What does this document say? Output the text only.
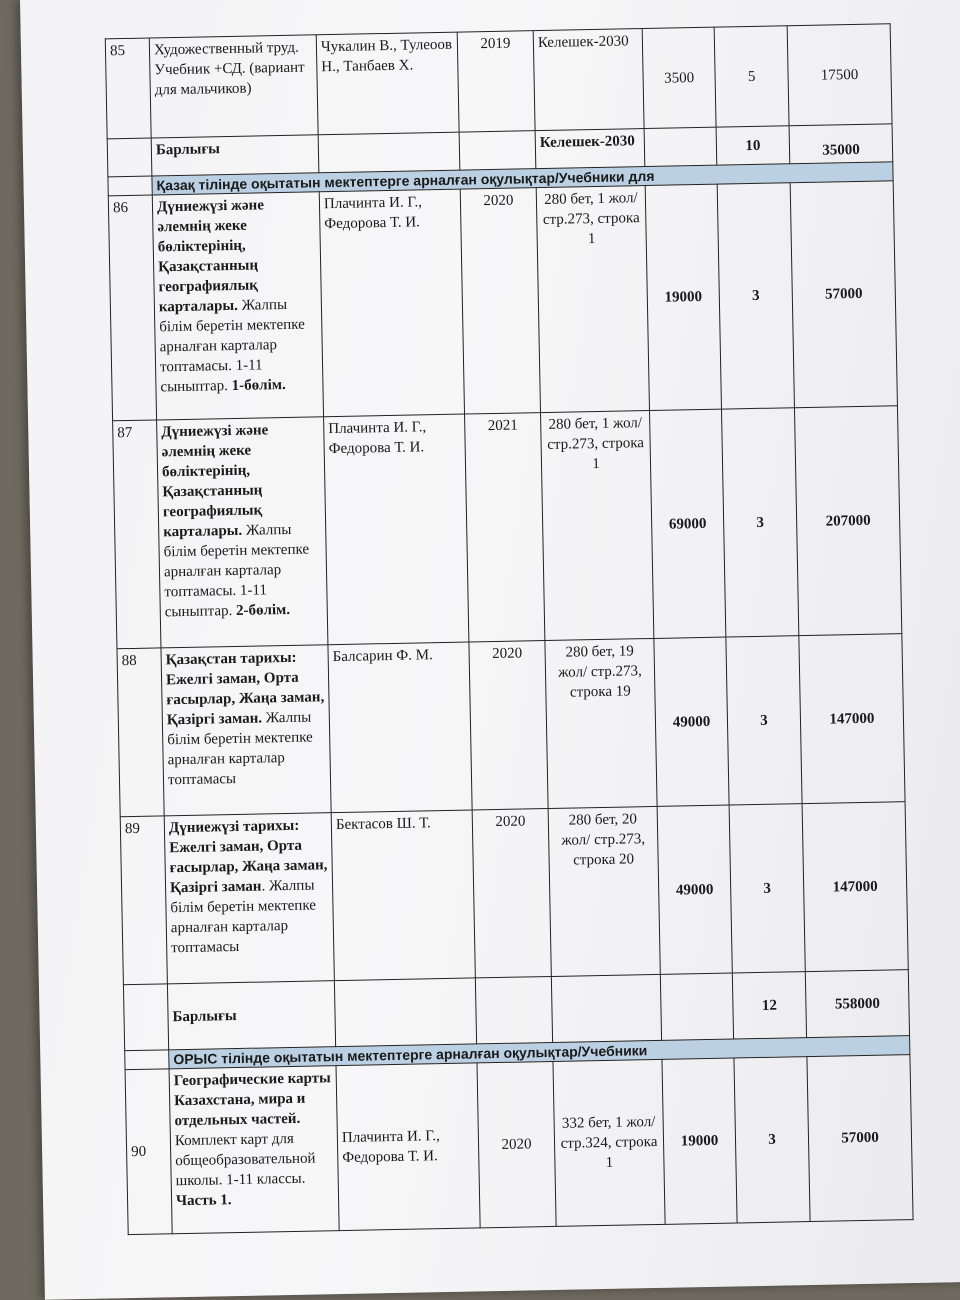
85	Художественный труд. Учебник +СД. (вариант для мальчиков)	Чукалин В., Тулеоов Н., Танбаев Х.	2019	Келешек-2030	3500	5	17500
	Барлығы			Келешек-2030		10	35000
	Қазақ тілінде оқытатын мектептерге арналған оқулықтар/Учебники для						
86	Дүниежүзі және әлемнің жеке бөліктерінің, Қазақстанның географиялық карталары. Жалпы білім беретін мектепке арналған карталар топтамасы. 1-11 сыныптар. 1-бөлім.	Плачинта И. Г., Федорова Т. И.	2020	280 бет, 1 жол/ стр.273, строка 1	19000	3	57000
87	Дүниежүзі және әлемнің жеке бөліктерінің, Қазақстанның географиялық карталары. Жалпы білім беретін мектепке арналған карталар топтамасы. 1-11 сыныптар. 2-бөлім.	Плачинта И. Г., Федорова Т. И.	2021	280 бет, 1 жол/ стр.273, строка 1	69000	3	207000
88	Қазақстан тарихы: Ежелгі заман, Орта ғасырлар, Жаңа заман, Қазіргі заман. Жалпы білім беретін мектепке арналған карталар топтамасы	Балсарин Ф. М.	2020	280 бет, 19 жол/ стр.273, строка 19	49000	3	147000
89	Дүниежүзі тарихы: Ежелгі заман, Орта ғасырлар, Жаңа заман, Қазіргі заман. Жалпы білім беретін мектепке арналған карталар топтамасы	Бектасов Ш. Т.	2020	280 бет, 20 жол/ стр.273, строка 20	49000	3	147000
	Барлығы					12	558000
	ОРЫС тілінде оқытатын мектептерге арналған оқулықтар/Учебники						
90	Географические карты Казахстана, мира и отдельных частей. Комплект карт для общеобразовательной школы. 1-11 классы. Часть 1.	Плачинта И. Г., Федорова Т. И.	2020	332 бет, 1 жол/ стр.324, строка 1	19000	3	57000
